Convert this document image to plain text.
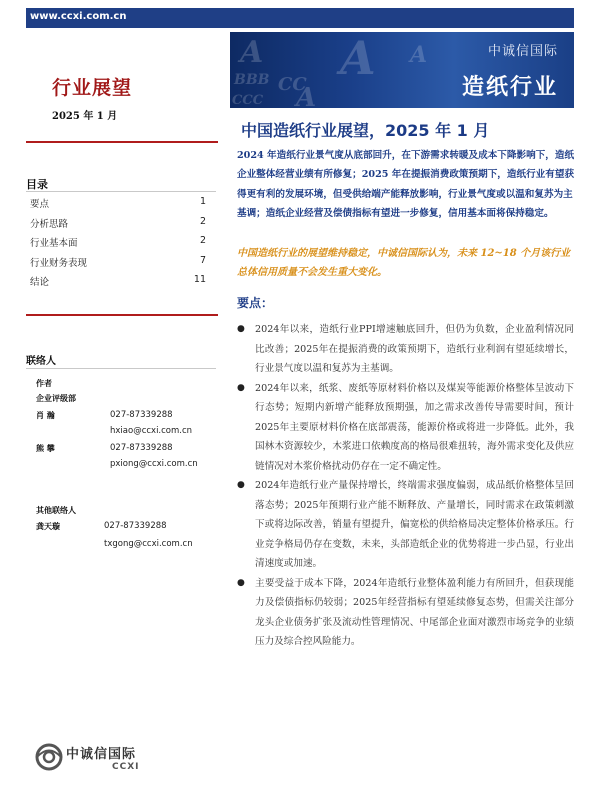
www.ccxi.com.cn
A A
BBB CC
A
CCC
A	中诚信国际
造纸行业
行业展望
2025 年 1 月
目录
要点	1
分析思路	2
行业基本面	2
行业财务表现	7
结论	11
联络人
作者
企业评级部
肖 瀚	027-87339288
hxiao@ccxi.com.cn
熊 攀	027-87339288
pxiong@ccxi.com.cn
其他联络人
龚天璇	027-87339288
txgong@ccxi.com.cn
中诚信国际
CCXI
中国造纸行业展望，2025 年 1 月
2024 年造纸行业景气度从底部回升，在下游需求转暖及成本下降影响下，造纸企业整体经营业绩有所修复；2025 年在提振消费政策预期下，造纸行业有望获得更有利的发展环境，但受供给端产能释放影响，行业景气度或以温和复苏为主基调；造纸企业经营及偿债指标有望进一步修复，信用基本面将保持稳定。
中国造纸行业的展望维持稳定，中诚信国际认为，未来 12~18 个月该行业总体信用质量不会发生重大变化。
要点：
● 2024年以来，造纸行业PPI增速触底回升，但仍为负数，企业盈利情况同比改善；2025年在提振消费的政策预期下，造纸行业利润有望延续增长，行业景气度以温和复苏为主基调。
● 2024年以来，纸浆、废纸等原材料价格以及煤炭等能源价格整体呈波动下行态势；短期内新增产能释放预期强，加之需求改善传导需要时间，预计2025年主要原材料价格在底部震荡，能源价格或将进一步降低。此外，我国林木资源较少，木浆进口依赖度高的格局很难扭转，海外需求变化及供应链情况对木浆价格扰动仍存在一定不确定性。
● 2024年造纸行业产量保持增长，终端需求强度偏弱，成品纸价格整体呈回落态势；2025年预期行业产能不断释放、产量增长，同时需求在政策刺激下或将边际改善，销量有望提升，偏宽松的供给格局决定整体价格承压。行业竞争格局仍存在变数，未来，头部造纸企业的优势将进一步凸显，行业出清速度或加速。
● 主要受益于成本下降，2024年造纸行业整体盈利能力有所回升，但获现能力及偿债指标仍较弱；2025年经营指标有望延续修复态势，但需关注部分龙头企业债务扩张及流动性管理情况、中尾部企业面对激烈市场竞争的业绩压力及综合控风险能力。
